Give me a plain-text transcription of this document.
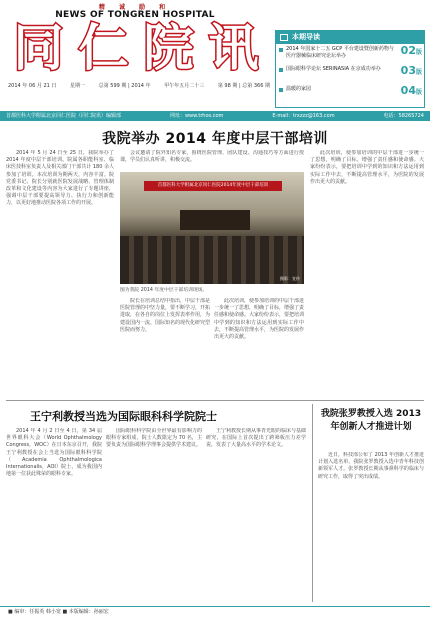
精 诚 励 和
NEWS OF TONGREN HOSPITAL
同 仁 院 讯
2014 年 06 月 21 日	星期一	总第 599 期 | 2014 年	甲午年五月二十三	第 98 期 | 总第 366 期
本期导读
2014 年国家十二五 GCP 平台建设暨创新药物与医疗器械临床研究论坛举办	02版
国际眼科学论坛 SERINASIA 在京成功举办 03版
温暖的家园	04版
首都医科大学附属北京同仁医院（同仁院讯）编辑部	网址：www.trhos.com	E-mail：trxzzz@163.com	电话：58265724
我院举办 2014 年度中层干部培训

2014 年 5 月 24 日至 25 日，我院举办了 2014 年度中层干部培训。院属各职能科室、临床医技科室负责人及相关部门干部共计 180 余人参加了培训。本次培训为期两天，内容丰富。院党委书记、院长分别就医院发展战略、管理体制改革和文化建设等内容为大家进行了专题讲座，强调中层干部要提高领导力、执行力和创新能力，以更好地推动医院各项工作的开展。

会议邀请了院外知名专家，围绕医院管理、团队建设、沟通技巧等方面进行授课，学员们认真听讲，积极交流。

首都医科大学附属北京同仁医院2014年度中层干部培训
摄影：宣传
图为我院 2014 年度中层干部培训现场。

院长在培训总结中指出，中层干部是医院管理的中坚力量，要不断学习，开拓进取，在各自的岗位上发挥表率作用，为建设国内一流、国际知名的现代化研究型医院而努力。

此次培训，使参加培训的中层干部进一步统一了思想，明确了目标，增强了责任感和使命感。大家纷纷表示，要把培训中学到的知识和方法运用到实际工作中去，不断提高管理水平，为医院的发展作出更大的贡献。

此次培训，使参加培训的中层干部进一步统一了思想，明确了目标，增强了责任感和使命感。大家纷纷表示，要把培训中学到的知识和方法运用到实际工作中去，不断提高管理水平，为医院的发展作出更大的贡献。

王宁利教授当选为国际眼科科学院院士

2014 年 4 月 2 日至 4 日，第 34 届世界眼科大会（World Ophthalmology Congress，WOC）在日本东京召开，我院王宁利教授在会上当选为国际眼科科学院（Academia Ophthalmologica Internationalis，AOI）院士，成为我国内地第一位获此殊荣的眼科专家。

国际眼科科学院由全世界最有影响力的眼科专家组成，院士人数限定为 70 名，主要负责为国际眼科学理事会提供学术建议。

王宁利教授长期从事青光眼的临床与基础研究，在国际上首次提出了跨筛板压力差学说，发表了大量高水平的学术论文。

我院张罗教授入选 2013 年创新人才推进计划

近日，科技部公布了 2013 年创新人才推进计划入选名单，我院张罗教授入选中青年科技创新领军人才。张罗教授长期从事鼻科学的临床与研究工作，取得了突出成绩。

■ 编审：任振英 韩小宽 ■ 本版编辑：孙丽宏
